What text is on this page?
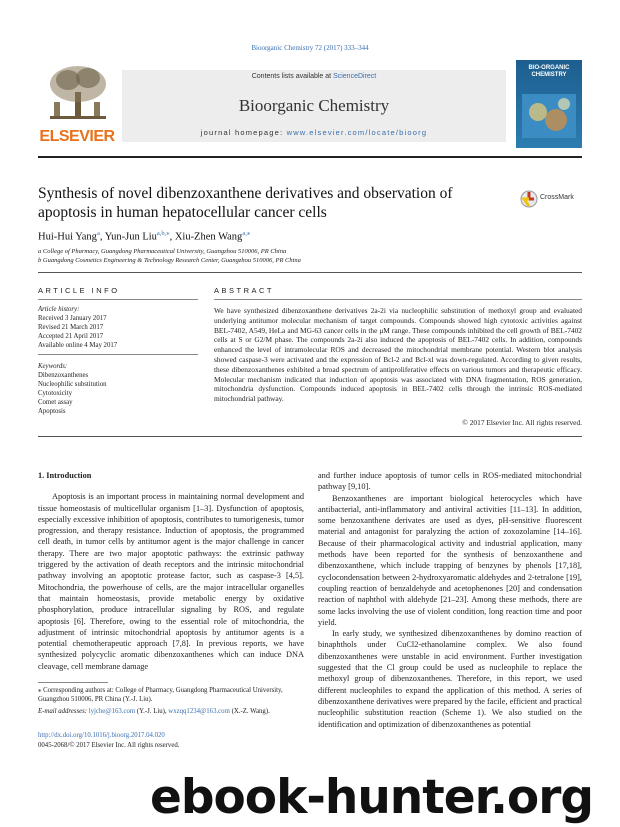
Bioorganic Chemistry 72 (2017) 333–344
ELSEVIER
Contents lists available at ScienceDirect
Bioorganic Chemistry
journal homepage: www.elsevier.com/locate/bioorg
BIO-ORGANIC CHEMISTRY
Synthesis of novel dibenzoxanthene derivatives and observation of apoptosis in human hepatocellular cancer cells
CrossMark
Hui-Hui Yang$^a$, Yun-Jun Liu$^{a,b,⁎}$, Xiu-Zhen Wang$^{a,⁎}$
a College of Pharmacy, Guangdong Pharmaceutical University, Guangzhou 510006, PR China
b Guangdong Cosmetics Engineering & Technology Research Center, Guangzhou 510006, PR China
ARTICLE INFO
Article history:
Received 3 January 2017
Revised 21 March 2017
Accepted 21 April 2017
Available online 4 May 2017
Keywords:
Dibenzoxanthenes
Nucleophilic substitution
Cytotoxicity
Comet assay
Apoptosis
ABSTRACT
We have synthesized dibenzoxanthene derivatives 2a-2i via nucleophilic substitution of methoxyl group and evaluated underlying antitumor molecular mechanism of target compounds. Compounds showed high cytotoxic activities against BEL-7402, A549, HeLa and MG-63 cancer cells in the μM range. These compounds inhibited the cell growth of BEL-7402 cells at S or G2/M phase. The compounds 2a-2i also induced the apoptosis of BEL-7402 cells. In addition, compounds enhanced the level of intramolecular ROS and decreased the mitochondrial membrane potential. Western blot analysis showed caspase-3 were activated and the expression of Bcl-2 and Bcl-xl was down-regulated. According to given results, these dibenzoxanthenes exhibited a broad spectrum of antiproliferative effects on various tumors and therapeutic efficacy. Molecular mechanism indicated that induction of apoptosis was associated with DNA fragmentation, ROS generation, mitochondria dysfunction. Compounds induced apoptosis in BEL-7402 cells through the intrinsic ROS-mediated mitochondrial pathway.
© 2017 Elsevier Inc. All rights reserved.
1. Introduction

Apoptosis is an important process in maintaining normal development and tissue homeostasis of multicellular organism [1–3]. Dysfunction of apoptosis, especially excessive inhibition of apoptosis, contributes to tumorigenesis, tumor progression, and therapy resistance. Induction of apoptosis, the programmed cell death, in tumor cells by antitumor agent is the major challenge in cancer therapy. There are two major apoptotic pathways: the extrinsic pathway triggered by the activation of death receptors and the intrinsic mitochondrial pathway involving an apoptotic protease factor, such as caspase-3 [4,5]. Mitochondria, the powerhouse of cells, are the major intracellular organelles that maintain homeostasis, provide metabolic energy by oxidative phosphorylation, produce intracellular signaling by ROS, and regulate apoptosis [6]. Therefore, owing to the essential role of mitochondria, the adjustment of intrinsic mitochondrial apoptosis by antitumor agents is a potential chemotherapeutic approach [7,8]. In previous reports, we have synthesized polycyclic aromatic dibenzoxanthenes which can induce DNA cleavage, cell membrane damage

and further induce apoptosis of tumor cells in ROS-mediated mitochondrial pathway [9,10].

Benzoxanthenes are important biological heterocycles which have antibacterial, anti-inflammatory and antiviral activities [11–13]. In addition, some benzoxanthene derivates are used as dyes, pH-sensitive fluorescent material and antagonist for paralyzing the action of zoxozolamine [14–16]. Because of their pharmacological activity and industrial application, many methods have been reported for the synthesis of benzoxanthene and dibenzoxanthene, which include trapping of benzynes by phenols [17,18], cyclocondensation between 2-hydroxyaromatic aldehydes and 2-tetralone [19], coupling reaction of benzaldehyde and acetophenones [20] and condensation reaction of naphthol with aldehyde [21–23]. Among these methods, there are some lacks involving the use of violent condition, long reaction time and poor yield.

In early study, we synthesized dibenzoxanthenes by domino reaction of binaphthols under CuCl2-ethanolamine complex. We also found dibenzoxanthenes were unstable in acid environment. Further investigation suggested that the Cl group could be used as nucleophile to replace the methoxyl group of dibenzoxanthenes. Therefore, in this report, we used different nucleophiles to expand the application of this method. A series of dibenzoxanthene derivatives were prepared by the facile, efficient and practical nucleophilic substitution reaction (Scheme 1). We also studied on the identification and optimization of dibenzoxanthenes as potential

⁎ Corresponding authors at: College of Pharmacy, Guangdong Pharmaceutical University, Guangzhou 510006, PR China (Y.-J. Liu).
E-mail addresses: lyjche@163.com (Y.-J. Liu), wxzqq1234@163.com (X.-Z. Wang).
http://dx.doi.org/10.1016/j.bioorg.2017.04.020
0045-2068/© 2017 Elsevier Inc. All rights reserved.
ebook-hunter.org
